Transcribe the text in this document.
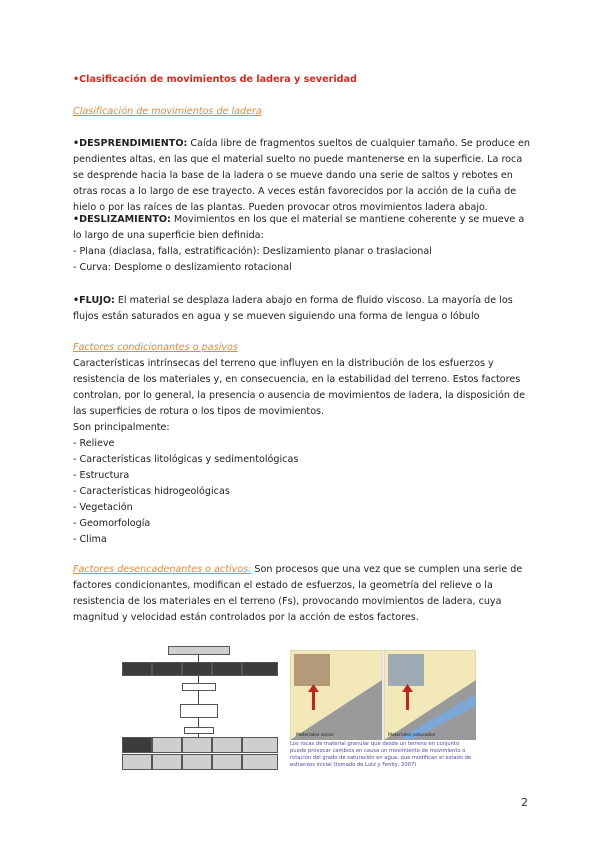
•Clasificación de movimientos de ladera y severidad
Clasificación de movimientos de ladera
•DESPRENDIMIENTO: Caída libre de fragmentos sueltos de cualquier tamaño. Se produce en pendientes altas, en las que el material suelto no puede mantenerse en la superficie. La roca se desprende hacia la base de la ladera o se mueve dando una serie de saltos y rebotes en otras rocas a lo largo de ese trayecto. A veces están favorecidos por la acción de la cuña de hielo o por las raíces de las plantas. Pueden provocar otros movimientos ladera abajo.
•DESLIZAMIENTO: Movimientos en los que el material se mantiene coherente y se mueve a lo largo de una superficie bien definida:
- Plana (diaclasa, falla, estratificación): Deslizamiento planar o traslacional
- Curva: Desplome o deslizamiento rotacional
•FLUJO: El material se desplaza ladera abajo en forma de fluido viscoso. La mayoría de los flujos están saturados en agua y se mueven siguiendo una forma de lengua o lóbulo
Factores condicionantes o pasivos
Características intrínsecas del terreno que influyen en la distribución de los esfuerzos y resistencia de los materiales y, en consecuencia, en la estabilidad del terreno. Estos factores controlan, por lo general, la presencia o ausencia de movimientos de ladera, la disposición de las superficies de rotura o los tipos de movimientos.
Son principalmente:
- Relieve
- Características litológicas y sedimentológicas
- Estructura
- Características hidrogeológicas
- Vegetación
- Geomorfología
- Clima
Factores desencadenantes o activos: Son procesos que una vez que se cumplen una serie de factores condicionantes, modifican el estado de esfuerzos, la geometría del relieve o la resistencia de los materiales en el terreno (Fs), provocando movimientos de ladera, cuya magnitud y velocidad están controlados por la acción de estos factores.
Materiales secos	Materiales saturados
Los rocas de material granular que desde un terreno en conjunto puede provocar cambios en causa un movimiento de movimiento o rotación del grado de saturación en agua, que modifican el estado de esfuerzos inicial (tomado de Lutz y Fenby, 2007)
2
